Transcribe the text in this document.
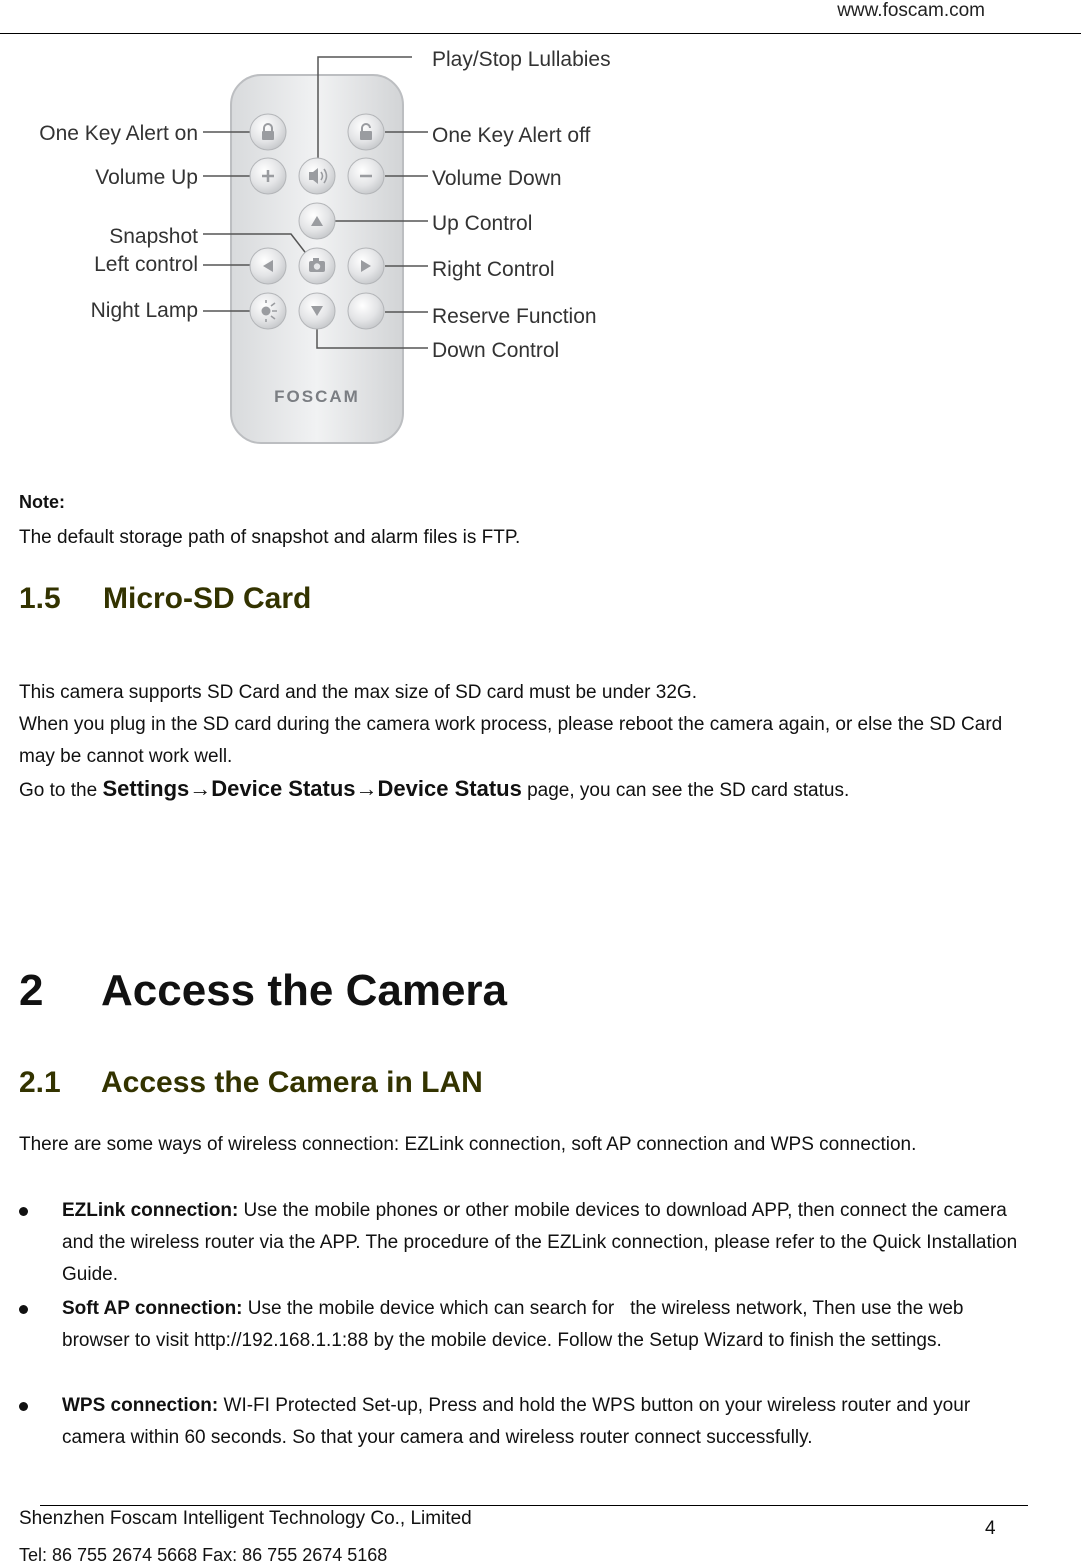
www.foscam.com
FOSCAM
Play/Stop Lullabies
One Key Alert on	One Key Alert off
Volume Up	Volume Down
Up Control
Snapshot
Left control	Right Control
Night Lamp	Reserve Function
Down Control
Note:
The default storage path of snapshot and alarm files is FTP.
1.5 Micro-SD Card
This camera supports SD Card and the max size of SD card must be under 32G.
When you plug in the SD card during the camera work process, please reboot the camera again, or else the SD Card may be cannot work well.
Go to the Settings→Device Status→Device Status page, you can see the SD card status.
2 Access the Camera
2.1 Access the Camera in LAN
There are some ways of wireless connection: EZLink connection, soft AP connection and WPS connection.
EZLink connection: Use the mobile phones or other mobile devices to download APP, then connect the camera and the wireless router via the APP. The procedure of the EZLink connection, please refer to the Quick Installation Guide.
Soft AP connection: Use the mobile device which can search for   the wireless network, Then use the web browser to visit http://192.168.1.1:88 by the mobile device. Follow the Setup Wizard to finish the settings.
WPS connection: WI-FI Protected Set-up, Press and hold the WPS button on your wireless router and your camera within 60 seconds. So that your camera and wireless router connect successfully.
Shenzhen Foscam Intelligent Technology Co., Limited
Tel: 86 755 2674 5668 Fax: 86 755 2674 5168
4
